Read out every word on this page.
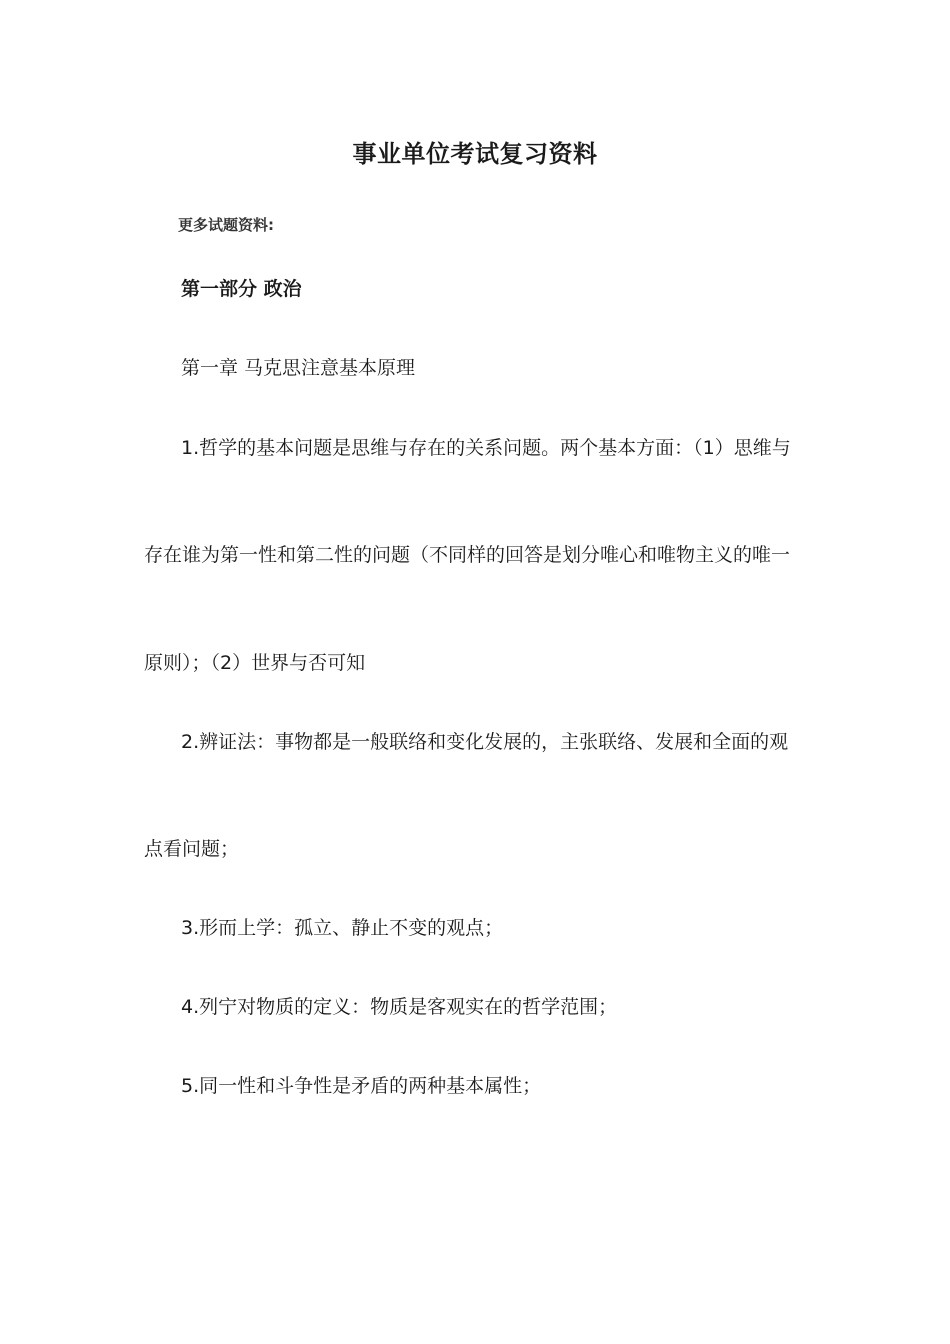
事业单位考试复习资料
更多试题资料:
第一部分 政治

第一章 马克思注意基本原理

1.哲学的基本问题是思维与存在的关系问题。两个基本方面：（1）思维与

存在谁为第一性和第二性的问题（不同样的回答是划分唯心和唯物主义的唯一

原则）；（2）世界与否可知

2.辨证法：事物都是一般联络和变化发展的，主张联络、发展和全面的观

点看问题；

3.形而上学：孤立、静止不变的观点；

4.列宁对物质的定义：物质是客观实在的哲学范围；

5.同一性和斗争性是矛盾的两种基本属性；
